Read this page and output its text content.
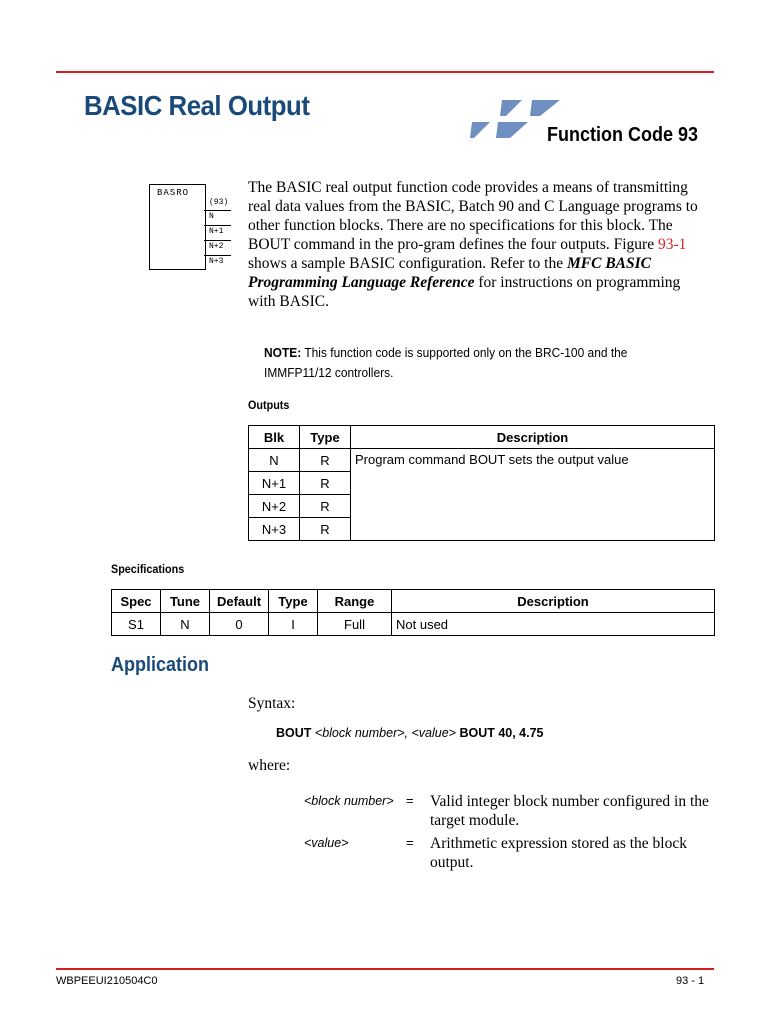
BASIC Real Output
Function Code 93
BASRO
(93)
N
N+1
N+2
N+3
The BASIC real output function code provides a means of transmitting real data values from the BASIC, Batch 90 and C Language programs to other function blocks. There are no specifications for this block. The BOUT command in the pro-gram defines the four outputs. Figure 93-1 shows a sample BASIC configuration. Refer to the MFC BASIC Programming Language Reference for instructions on programming with BASIC.
NOTE: This function code is supported only on the BRC-100 and the IMMFP11/12 controllers.
Outputs
Blk	Type	Description
N	R	Program command BOUT sets the output value
N+1	R	
N+2	R	
N+3	R	
Specifications
Spec	Tune	Default	Type	Range	Description
S1	N	0	I	Full	Not used
Application
Syntax:
BOUT <block number>, <value> BOUT 40, 4.75
where:
<block number> = Valid integer block number configured in the target module.
<value>	= Arithmetic expression stored as the block output.
WBPEEUI210504C0	93 - 1
